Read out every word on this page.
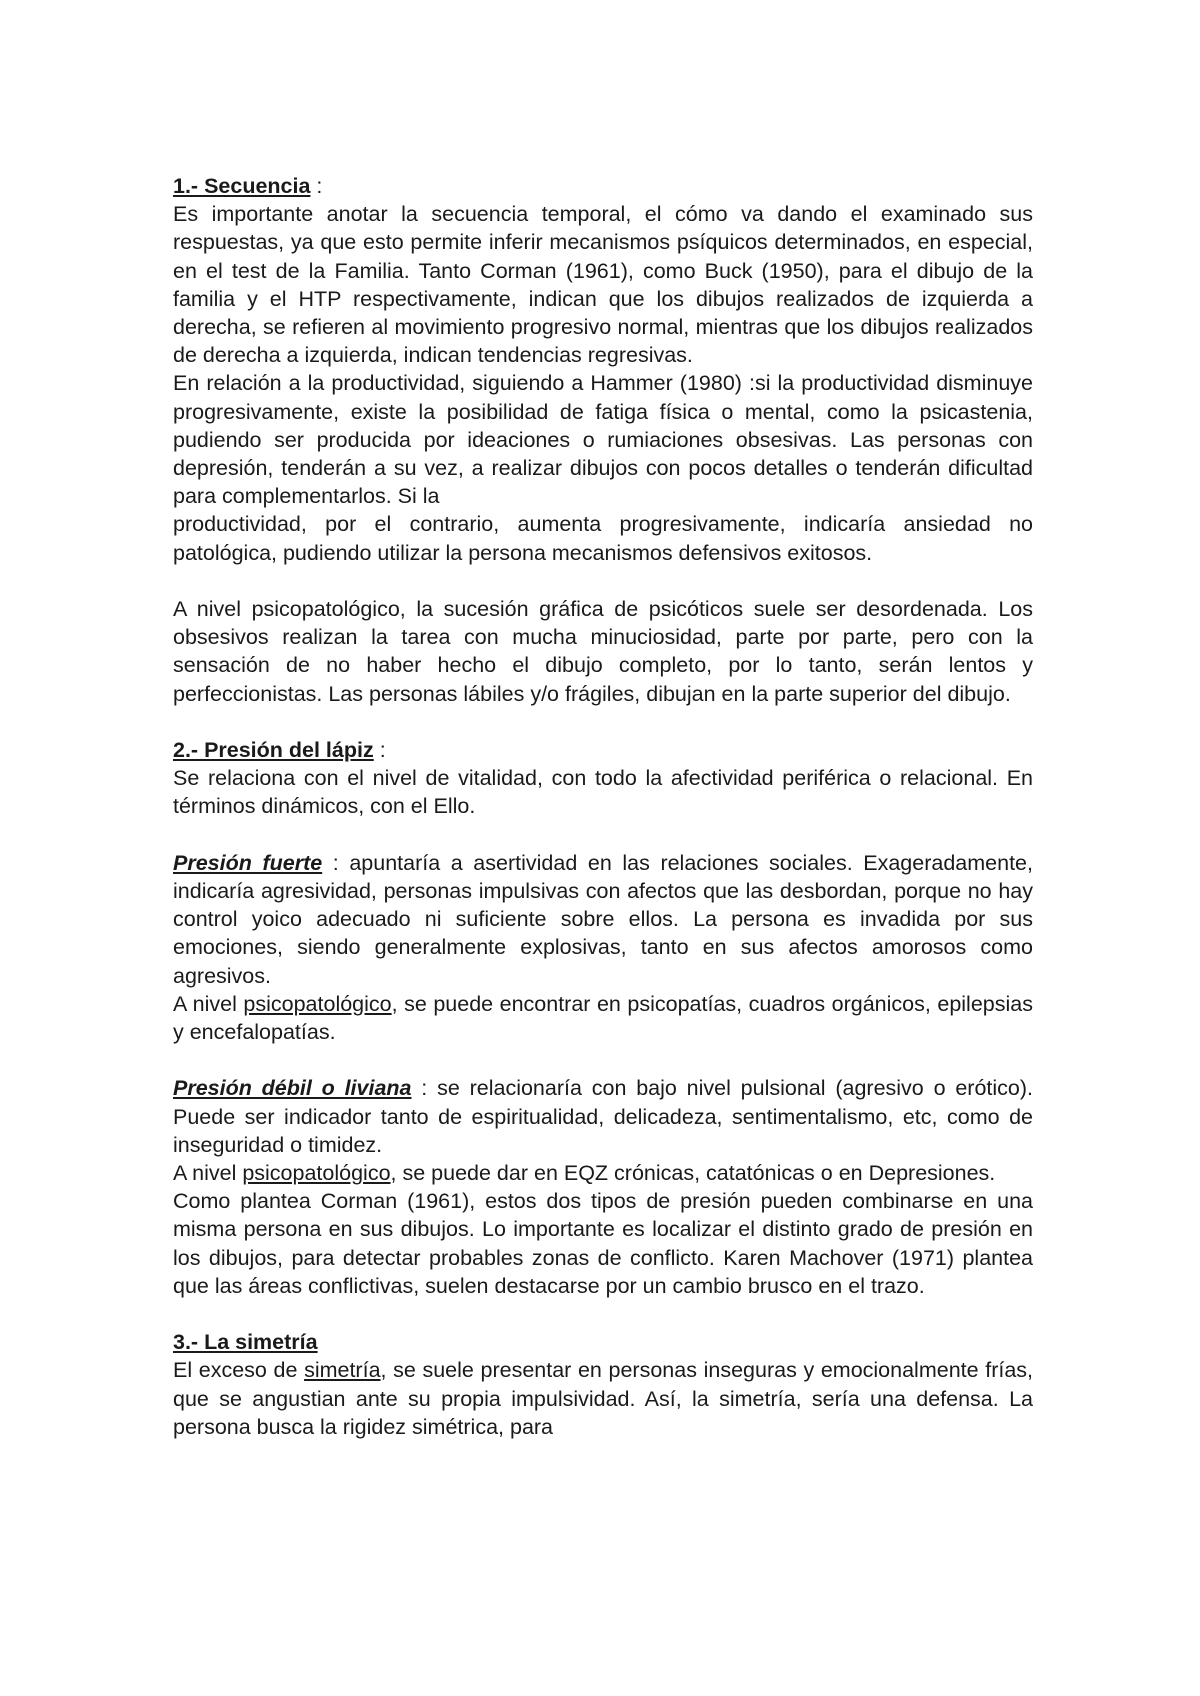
1.- Secuencia :

Es importante anotar la secuencia temporal, el cómo va dando el examinado sus respuestas, ya que esto permite inferir mecanismos psíquicos determinados, en especial, en el test de la Familia. Tanto Corman (1961), como Buck (1950), para el dibujo de la familia y el HTP respectivamente, indican que los dibujos realizados de izquierda a derecha, se refieren al movimiento progresivo normal, mientras que los dibujos realizados de derecha a izquierda, indican tendencias regresivas.

En relación a la productividad, siguiendo a Hammer (1980) :si la productividad disminuye progresivamente, existe la posibilidad de fatiga física o mental, como la psicastenia, pudiendo ser producida por ideaciones o rumiaciones obsesivas. Las personas con depresión, tenderán a su vez, a realizar dibujos con pocos detalles o tenderán dificultad para complementarlos. Si la

productividad, por el contrario, aumenta progresivamente, indicaría ansiedad no patológica, pudiendo utilizar la persona mecanismos defensivos exitosos.

A nivel psicopatológico, la sucesión gráfica de psicóticos suele ser desordenada. Los obsesivos realizan la tarea con mucha minuciosidad, parte por parte, pero con la sensación de no haber hecho el dibujo completo, por lo tanto, serán lentos y perfeccionistas. Las personas lábiles y/o frágiles, dibujan en la parte superior del dibujo.

2.- Presión del lápiz :

Se relaciona con el nivel de vitalidad, con todo la afectividad periférica o relacional. En términos dinámicos, con el Ello.

Presión fuerte : apuntaría a asertividad en las relaciones sociales. Exageradamente, indicaría agresividad, personas impulsivas con afectos que las desbordan, porque no hay control yoico adecuado ni suficiente sobre ellos. La persona es invadida por sus emociones, siendo generalmente explosivas, tanto en sus afectos amorosos como agresivos.

A nivel psicopatológico, se puede encontrar en psicopatías, cuadros orgánicos, epilepsias y encefalopatías.

Presión débil o liviana : se relacionaría con bajo nivel pulsional (agresivo o erótico). Puede ser indicador tanto de espiritualidad, delicadeza, sentimentalismo, etc, como de inseguridad o timidez.

A nivel psicopatológico, se puede dar en EQZ crónicas, catatónicas o en Depresiones.

Como plantea Corman (1961), estos dos tipos de presión pueden combinarse en una misma persona en sus dibujos. Lo importante es localizar el distinto grado de presión en los dibujos, para detectar probables zonas de conflicto. Karen Machover (1971) plantea que las áreas conflictivas, suelen destacarse por un cambio brusco en el trazo.

3.- La simetría

El exceso de simetría, se suele presentar en personas inseguras y emocionalmente frías, que se angustian ante su propia impulsividad. Así, la simetría, sería una defensa. La persona busca la rigidez simétrica, para
